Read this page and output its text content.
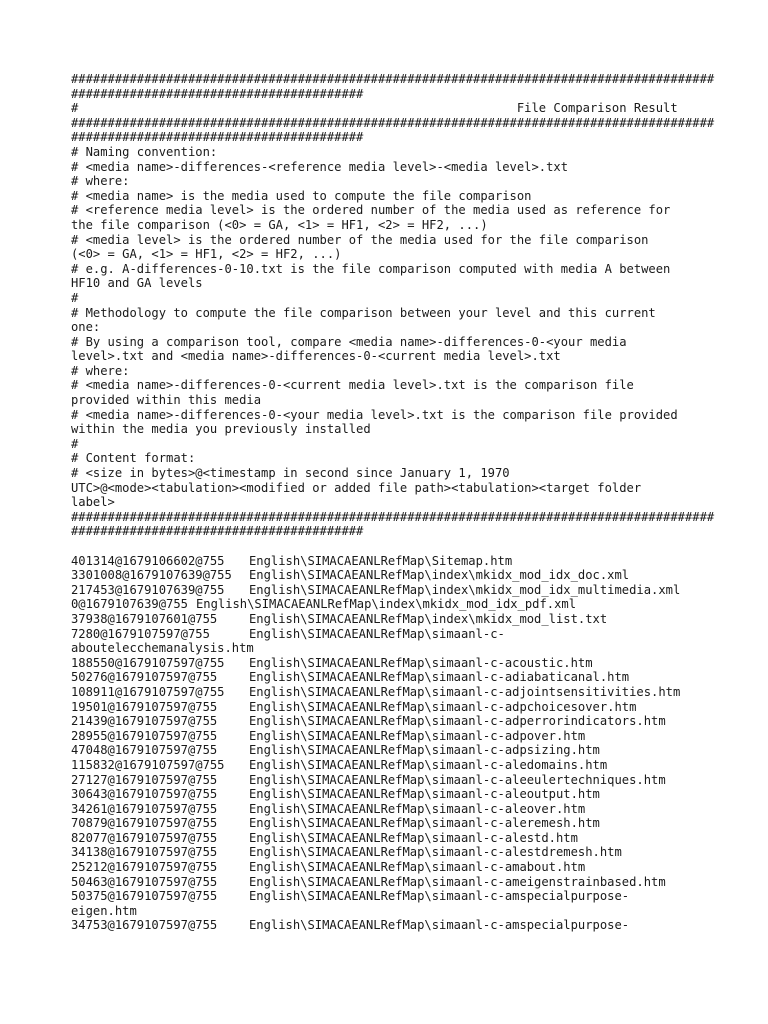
########################################################################################
########################################
#                                                            File Comparison Result
########################################################################################
########################################
# Naming convention:
# <media name>-differences-<reference media level>-<media level>.txt
# where:
# <media name> is the media used to compute the file comparison
# <reference media level> is the ordered number of the media used as reference for
the file comparison (<0> = GA, <1> = HF1, <2> = HF2, ...)
# <media level> is the ordered number of the media used for the file comparison
(<0> = GA, <1> = HF1, <2> = HF2, ...)
# e.g. A-differences-0-10.txt is the file comparison computed with media A between
HF10 and GA levels
#
# Methodology to compute the file comparison between your level and this current
one:
# By using a comparison tool, compare <media name>-differences-0-<your media
level>.txt and <media name>-differences-0-<current media level>.txt
# where:
# <media name>-differences-0-<current media level>.txt is the comparison file
provided within this media
# <media name>-differences-0-<your media level>.txt is the comparison file provided
within the media you previously installed
#
# Content format:
# <size in bytes>@<timestamp in second since January 1, 1970
UTC>@<mode><tabulation><modified or added file path><tabulation><target folder
label>
########################################################################################
########################################
401314@1679106602@755	English\SIMACAEANLRefMap\Sitemap.htm
3301008@1679107639@755	English\SIMACAEANLRefMap\index\mkidx_mod_idx_doc.xml
217453@1679107639@755	English\SIMACAEANLRefMap\index\mkidx_mod_idx_multimedia.xml
0@1679107639@755 English\SIMACAEANLRefMap\index\mkidx_mod_idx_pdf.xml
37938@1679107601@755	English\SIMACAEANLRefMap\index\mkidx_mod_list.txt
7280@1679107597@755	English\SIMACAEANLRefMap\simaanl-c-
aboutelecchemanalysis.htm
188550@1679107597@755	English\SIMACAEANLRefMap\simaanl-c-acoustic.htm
50276@1679107597@755	English\SIMACAEANLRefMap\simaanl-c-adiabaticanal.htm
108911@1679107597@755	English\SIMACAEANLRefMap\simaanl-c-adjointsensitivities.htm
19501@1679107597@755	English\SIMACAEANLRefMap\simaanl-c-adpchoicesover.htm
21439@1679107597@755	English\SIMACAEANLRefMap\simaanl-c-adperrorindicators.htm
28955@1679107597@755	English\SIMACAEANLRefMap\simaanl-c-adpover.htm
47048@1679107597@755	English\SIMACAEANLRefMap\simaanl-c-adpsizing.htm
115832@1679107597@755	English\SIMACAEANLRefMap\simaanl-c-aledomains.htm
27127@1679107597@755	English\SIMACAEANLRefMap\simaanl-c-aleeulertechniques.htm
30643@1679107597@755	English\SIMACAEANLRefMap\simaanl-c-aleoutput.htm
34261@1679107597@755	English\SIMACAEANLRefMap\simaanl-c-aleover.htm
70879@1679107597@755	English\SIMACAEANLRefMap\simaanl-c-aleremesh.htm
82077@1679107597@755	English\SIMACAEANLRefMap\simaanl-c-alestd.htm
34138@1679107597@755	English\SIMACAEANLRefMap\simaanl-c-alestdremesh.htm
25212@1679107597@755	English\SIMACAEANLRefMap\simaanl-c-amabout.htm
50463@1679107597@755	English\SIMACAEANLRefMap\simaanl-c-ameigenstrainbased.htm
50375@1679107597@755	English\SIMACAEANLRefMap\simaanl-c-amspecialpurpose-
eigen.htm
34753@1679107597@755	English\SIMACAEANLRefMap\simaanl-c-amspecialpurpose-
